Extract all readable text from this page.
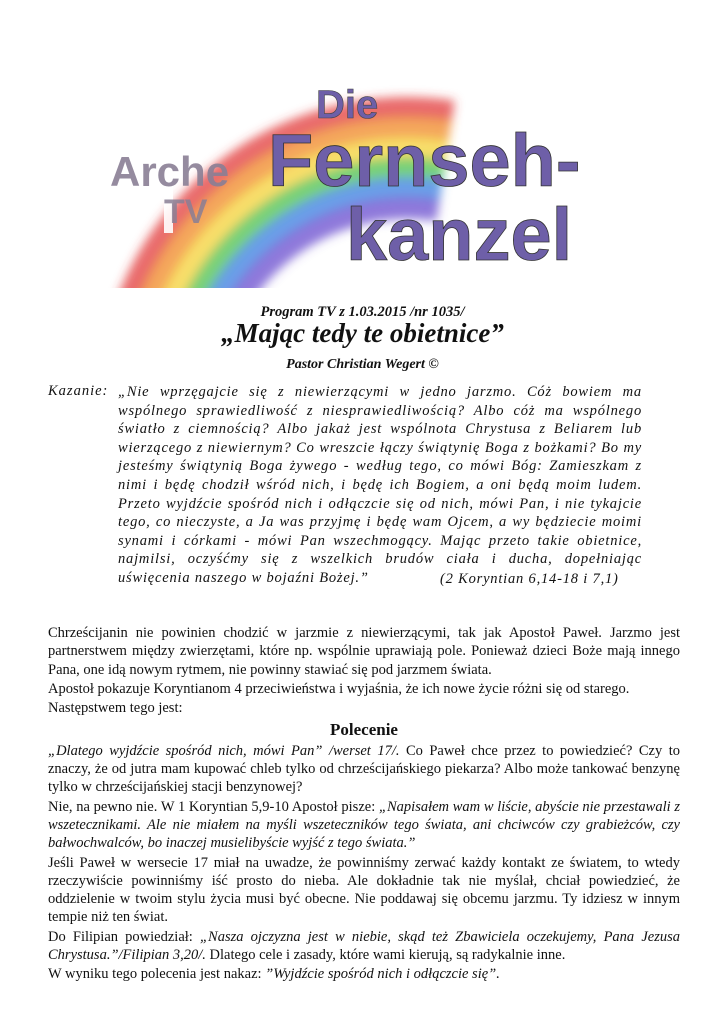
Arche
TV
Die
Fernseh-
kanzel
Program TV z 1.03.2015 /nr 1035/
„Mając tedy te obietnice”
Pastor Christian Wegert ©
Kazanie: „Nie wprzęgajcie się z niewierzącymi w jedno jarzmo. Cóż bowiem ma wspólnego sprawiedliwość z niesprawiedliwością? Albo cóż ma wspólnego światło z ciemnością? Albo jakaż jest wspólnota Chrystusa z Beliarem lub wierzącego z niewiernym? Co wreszcie łączy świątynię Boga z bożkami? Bo my jesteśmy świątynią Boga żywego - według tego, co mówi Bóg: Zamieszkam z nimi i będę chodził wśród nich, i będę ich Bogiem, a oni będą moim ludem. Przeto wyjdźcie spośród nich i odłączcie się od nich, mówi Pan, i nie tykajcie tego, co nieczyste, a Ja was przyjmę i będę wam Ojcem, a wy będziecie moimi synami i córkami - mówi Pan wszechmogący. Mając przeto takie obietnice, najmilsi, oczyśćmy się z wszelkich brudów ciała i ducha, dopełniając uświęcenia naszego w bojaźni Bożej.”	(2 Koryntian 6,14-18 i 7,1)

Chrześcijanin nie powinien chodzić w jarzmie z niewierzącymi, tak jak Apostoł Paweł. Jarzmo jest partnerstwem między zwierzętami, które np. wspólnie uprawiają pole. Ponieważ dzieci Boże mają innego Pana, one idą nowym rytmem, nie powinny stawiać się pod jarzmem świata.

Apostoł pokazuje Koryntianom 4 przeciwieństwa i wyjaśnia, że ich nowe życie różni się od starego.

Następstwem tego jest:

Polecenie

„Dlatego wyjdźcie spośród nich, mówi Pan” /werset 17/. Co Paweł chce przez to powiedzieć? Czy to znaczy, że od jutra mam kupować chleb tylko od chrześcijańskiego piekarza? Albo może tankować benzynę tylko w chrześcijańskiej stacji benzynowej?

Nie, na pewno nie. W 1 Koryntian 5,9-10 Apostoł pisze: „Napisałem wam w liście, abyście nie przestawali z wszetecznikami. Ale nie miałem na myśli wszeteczników tego świata, ani chciwców czy grabieżców, czy bałwochwalców, bo inaczej musielibyście wyjść z tego świata.”

Jeśli Paweł w wersecie 17 miał na uwadze, że powinniśmy zerwać każdy kontakt ze światem, to wtedy rzeczywiście powinniśmy iść prosto do nieba. Ale dokładnie tak nie myślał, chciał powiedzieć, że oddzielenie w twoim stylu życia musi być obecne. Nie poddawaj się obcemu jarzmu. Ty idziesz w innym tempie niż ten świat.

Do Filipian powiedział: „Nasza ojczyzna jest w niebie, skąd też Zbawiciela oczekujemy, Pana Jezusa Chrystusa.”/Filipian 3,20/. Dlatego cele i zasady, które wami kierują, są radykalnie inne.

W wyniku tego polecenia jest nakaz: ”Wyjdźcie spośród nich i odłączcie się”.
